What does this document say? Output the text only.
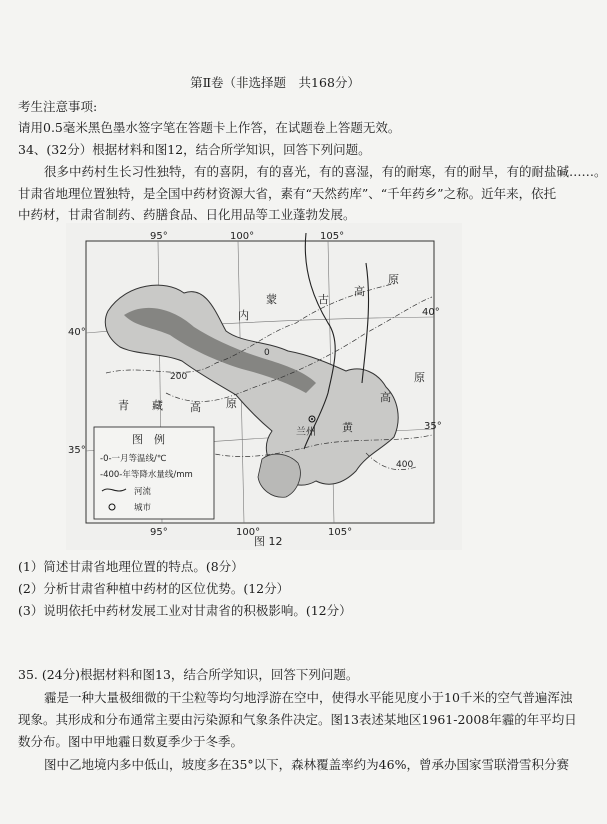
第Ⅱ卷（非选择题　共168分）
考生注意事项:
请用0.5毫米黑色墨水签字笔在答题卡上作答，在试题卷上答题无效。
34、(32分）根据材料和图12，结合所学知识，回答下列问题。
很多中药村生长习性独特，有的喜阴，有的喜光，有的喜湿，有的耐寒，有的耐旱，有的耐盐碱……。
甘肃省地理位置独特，是全国中药材资源大省，素有“天然药库”、“千年药乡”之称。近年来，依托
中药材，甘肃省制药、药膳食品、日化用品等工业蓬勃发展。
95°	100°	105°
95°	100°	105°
40°
35°
40°
35°
内
蒙	古
高
原
青 藏 高 原
黄
高
原
兰州
200
400
0
图　例
-0-一月等温线/℃
-400-年等降水量线/mm
河流
城市
图 12
(1）简述甘肃省地理位置的特点。(8分）
(2）分析甘肃省种植中药材的区位优势。(12分）
(3）说明依托中药材发展工业对甘肃省的积极影响。(12分）
35. (24分)根据材料和图13，结合所学知识，回答下列问题。
霾是一种大量极细微的干尘粒等均匀地浮游在空中，使得水平能见度小于10千米的空气普遍浑浊
现象。其形成和分布通常主要由污染源和气象条件决定。图13表述某地区1961-2008年霾的年平均日
数分布。图中甲地霾日数夏季少于冬季。
图中乙地境内多中低山，坡度多在35°以下，森林覆盖率约为46%，曾承办国家雪联滑雪积分赛
